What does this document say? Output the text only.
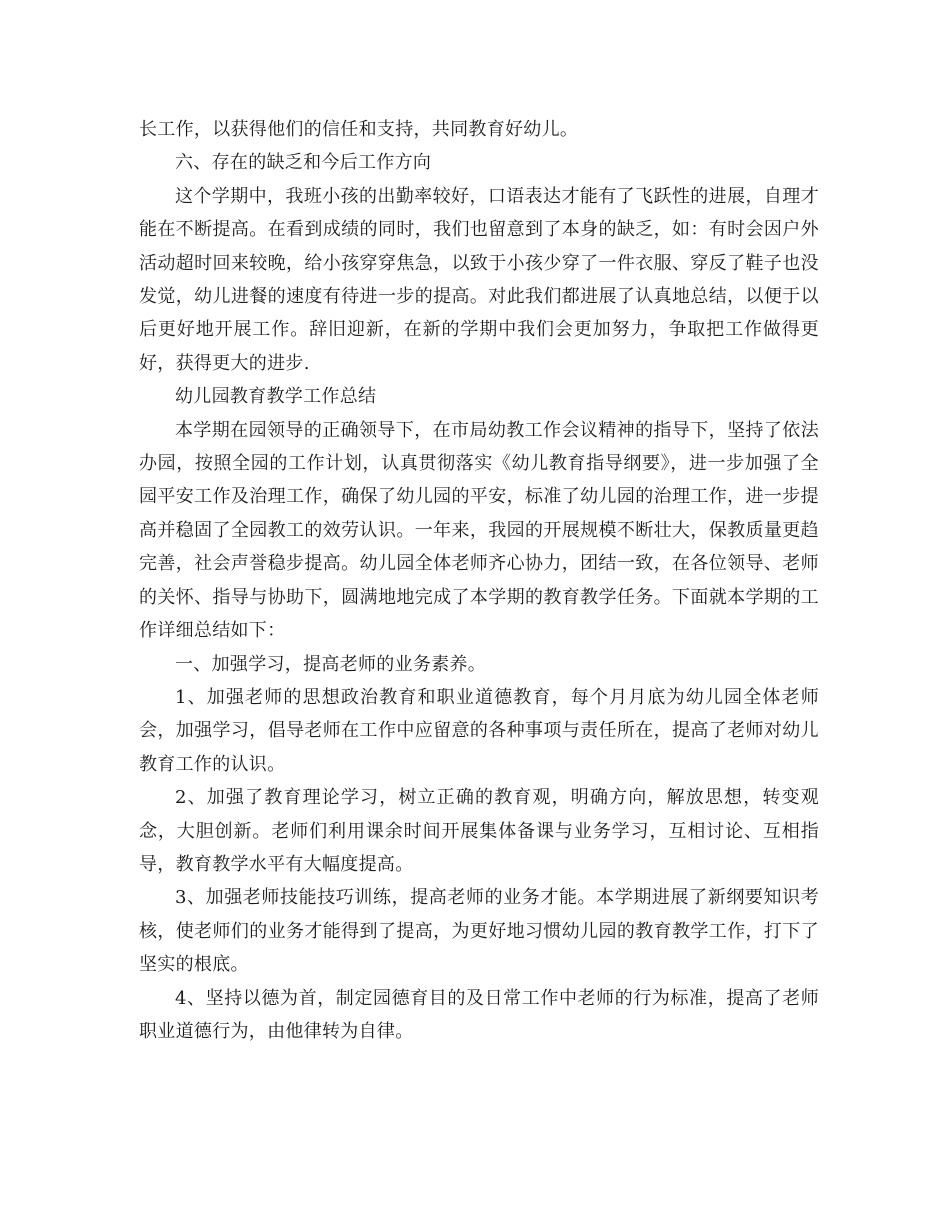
长工作，以获得他们的信任和支持，共同教育好幼儿。

六、存在的缺乏和今后工作方向

这个学期中，我班小孩的出勤率较好，口语表达才能有了飞跃性的进展，自理才能在不断提高。在看到成绩的同时，我们也留意到了本身的缺乏，如：有时会因户外活动超时回来较晚，给小孩穿穿焦急，以致于小孩少穿了一件衣服、穿反了鞋子也没发觉，幼儿进餐的速度有待进一步的提高。对此我们都进展了认真地总结，以便于以后更好地开展工作。辞旧迎新，在新的学期中我们会更加努力，争取把工作做得更好，获得更大的进步.

幼儿园教育教学工作总结

本学期在园领导的正确领导下，在市局幼教工作会议精神的指导下，坚持了依法办园，按照全园的工作计划，认真贯彻落实《幼儿教育指导纲要》，进一步加强了全园平安工作及治理工作，确保了幼儿园的平安，标准了幼儿园的治理工作，进一步提高并稳固了全园教工的效劳认识。一年来，我园的开展规模不断壮大，保教质量更趋完善，社会声誉稳步提高。幼儿园全体老师齐心协力，团结一致，在各位领导、老师的关怀、指导与协助下，圆满地地完成了本学期的教育教学任务。下面就本学期的工作详细总结如下：

一、加强学习，提高老师的业务素养。

1、加强老师的思想政治教育和职业道德教育，每个月月底为幼儿园全体老师会，加强学习，倡导老师在工作中应留意的各种事项与责任所在，提高了老师对幼儿教育工作的认识。

2、加强了教育理论学习，树立正确的教育观，明确方向，解放思想，转变观念，大胆创新。老师们利用课余时间开展集体备课与业务学习，互相讨论、互相指导，教育教学水平有大幅度提高。

3、加强老师技能技巧训练，提高老师的业务才能。本学期进展了新纲要知识考核，使老师们的业务才能得到了提高，为更好地习惯幼儿园的教育教学工作，打下了坚实的根底。

4、坚持以德为首，制定园德育目的及日常工作中老师的行为标准，提高了老师职业道德行为，由他律转为自律。
